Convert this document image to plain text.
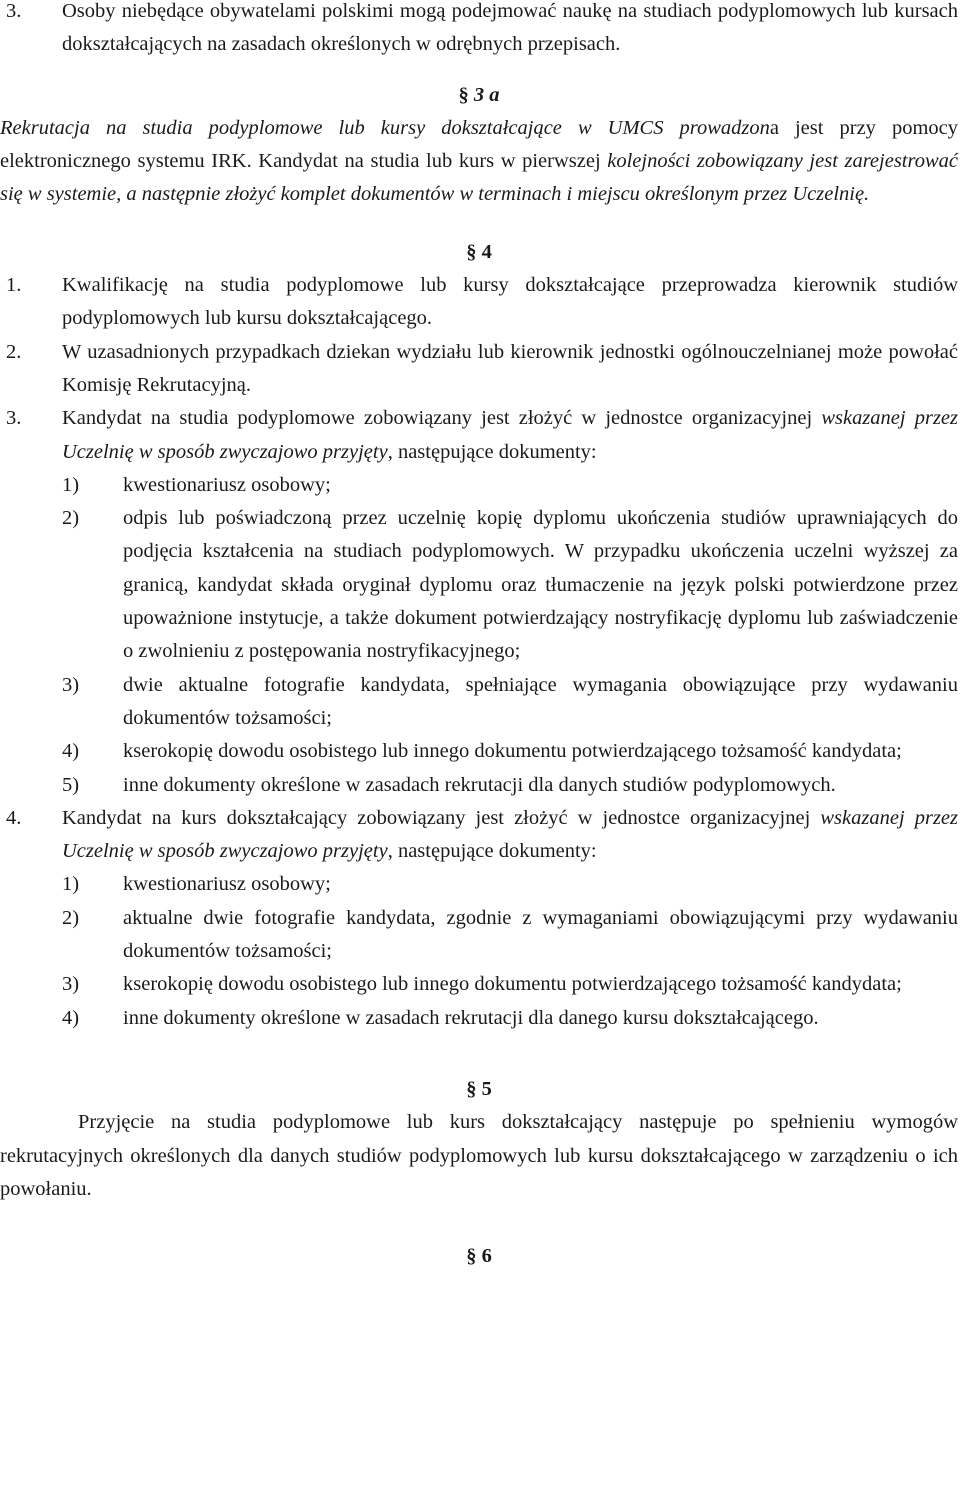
3.	Osoby niebędące obywatelami polskimi mogą podejmować naukę na studiach podyplomowych lub kursach dokształcających na zasadach określonych w odrębnych przepisach.
§ 3 a
Rekrutacja na studia podyplomowe lub kursy dokształcające w UMCS prowadzona jest przy pomocy elektronicznego systemu IRK. Kandydat na studia lub kurs w pierwszej kolejności zobowiązany jest zarejestrować się w systemie, a następnie złożyć komplet dokumentów w terminach i miejscu określonym przez Uczelnię.
§ 4
1.	Kwalifikację na studia podyplomowe lub kursy dokształcające przeprowadza kierownik studiów podyplomowych lub kursu dokształcającego.
2.	W uzasadnionych przypadkach dziekan wydziału lub kierownik jednostki ogólnouczelnianej może powołać Komisję Rekrutacyjną.
3.	Kandydat na studia podyplomowe zobowiązany jest złożyć w jednostce organizacyjnej wskazanej przez Uczelnię w sposób zwyczajowo przyjęty, następujące dokumenty:
1)	kwestionariusz osobowy;
2)	odpis lub poświadczoną przez uczelnię kopię dyplomu ukończenia studiów uprawniających do podjęcia kształcenia na studiach podyplomowych. W przypadku ukończenia uczelni wyższej za granicą, kandydat składa oryginał dyplomu oraz tłumaczenie na język polski potwierdzone przez upoważnione instytucje, a także dokument potwierdzający nostryfikację dyplomu lub zaświadczenie o zwolnieniu z postępowania nostryfikacyjnego;
3)	dwie aktualne fotografie kandydata, spełniające wymagania obowiązujące przy wydawaniu dokumentów tożsamości;
4)	kserokopię dowodu osobistego lub innego dokumentu potwierdzającego tożsamość kandydata;
5)	inne dokumenty określone w zasadach rekrutacji dla danych studiów podyplomowych.
4.	Kandydat na kurs dokształcający zobowiązany jest złożyć w jednostce organizacyjnej wskazanej przez Uczelnię w sposób zwyczajowo przyjęty, następujące dokumenty:
1)	kwestionariusz osobowy;
2)	aktualne dwie fotografie kandydata, zgodnie z wymaganiami obowiązującymi przy wydawaniu dokumentów tożsamości;
3)	kserokopię dowodu osobistego lub innego dokumentu potwierdzającego tożsamość kandydata;
4)	inne dokumenty określone w zasadach rekrutacji dla danego kursu dokształcającego.
§ 5
Przyjęcie na studia podyplomowe lub kurs dokształcający następuje po spełnieniu wymogów rekrutacyjnych określonych dla danych studiów podyplomowych lub kursu dokształcającego w zarządzeniu o ich powołaniu.
§ 6
